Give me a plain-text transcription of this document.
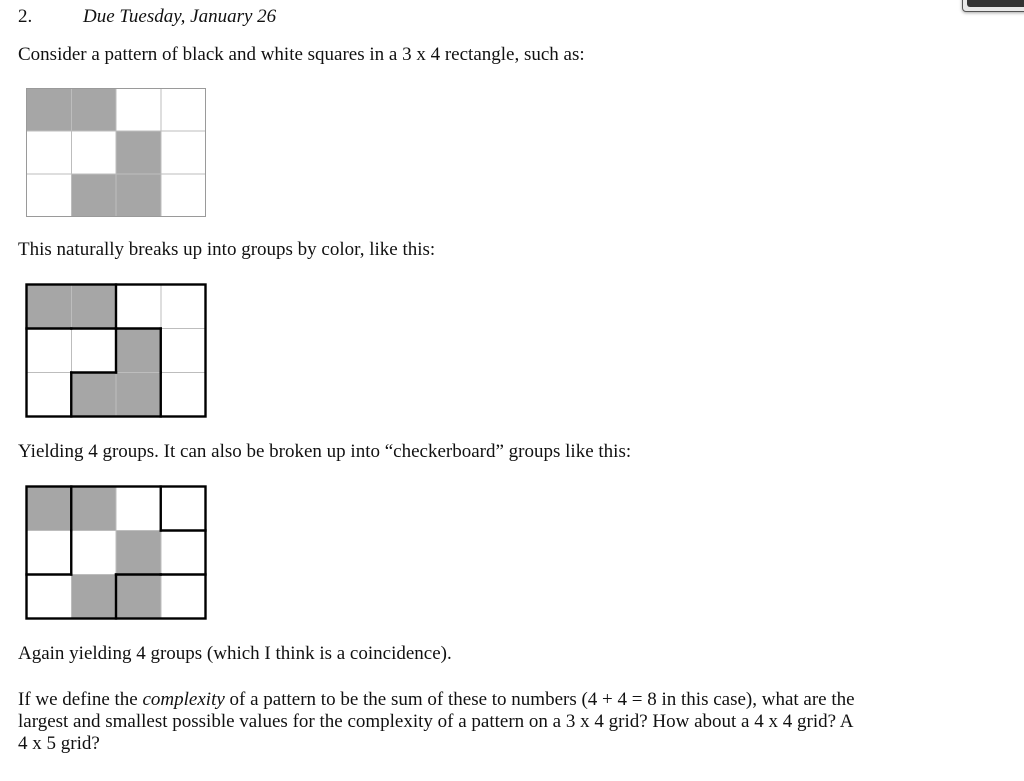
2.	Due Tuesday, January 26
Consider a pattern of black and white squares in a 3 x 4 rectangle, such as:
This naturally breaks up into groups by color, like this:
Yielding 4 groups. It can also be broken up into “checkerboard” groups like this:
Again yielding 4 groups (which I think is a coincidence).
If we define the complexity of a pattern to be the sum of these to numbers (4 + 4 = 8 in this case), what are the
largest and smallest possible values for the complexity of a pattern on a 3 x 4 grid? How about a 4 x 4 grid? A
4 x 5 grid?
